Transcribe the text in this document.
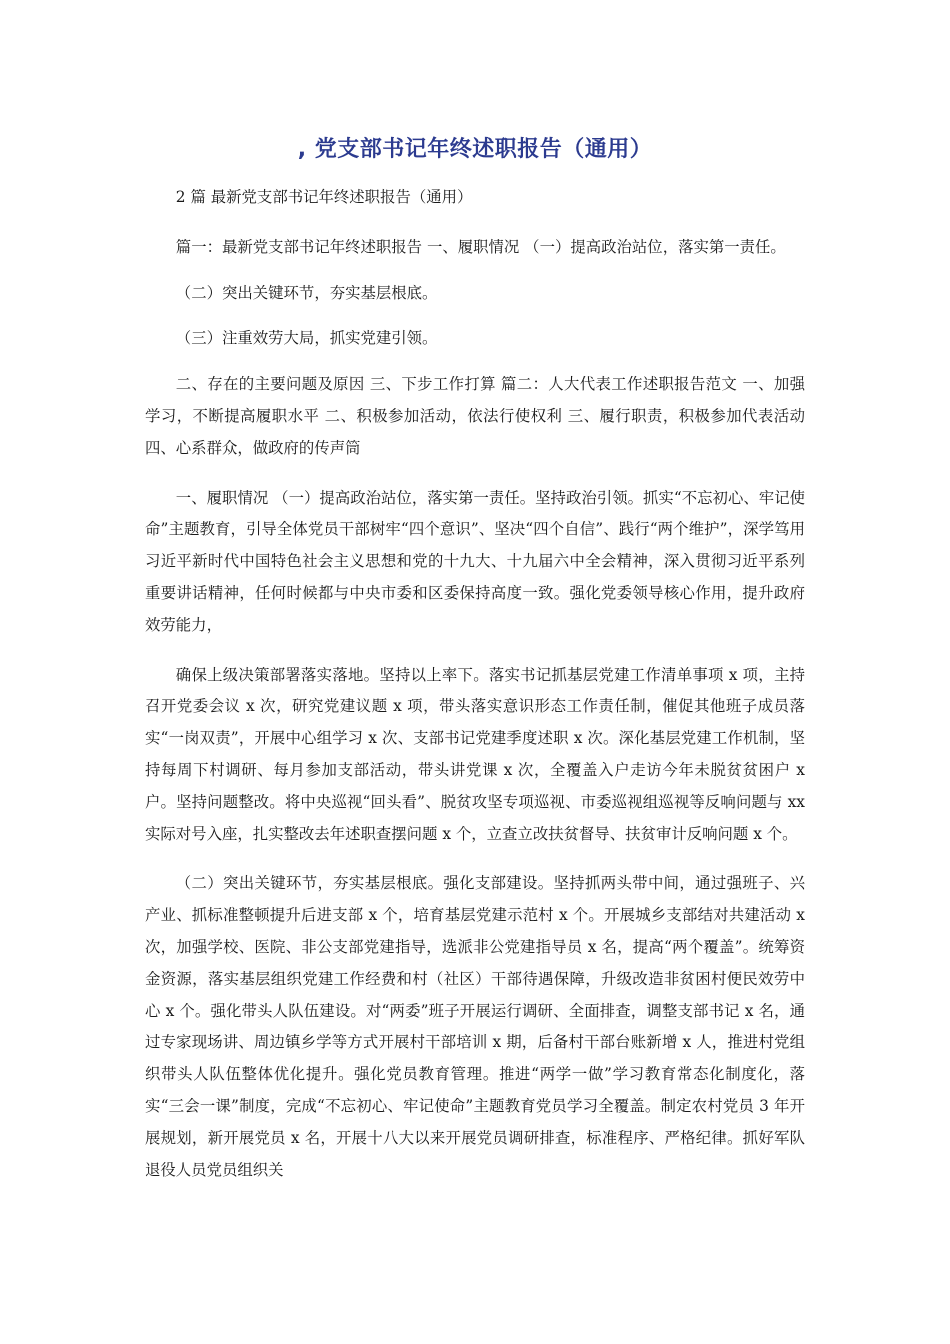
, 党支部书记年终述职报告（通用）

2 篇 最新党支部书记年终述职报告（通用）

篇一：最新党支部书记年终述职报告 一、履职情况 （一）提高政治站位，落实第一责任。

（二）突出关键环节，夯实基层根底。

（三）注重效劳大局，抓实党建引领。

二、存在的主要问题及原因 三、下步工作打算 篇二：人大代表工作述职报告范文 一、加强学习，不断提高履职水平 二、积极参加活动，依法行使权利 三、履行职责，积极参加代表活动 四、心系群众，做政府的传声筒

一、履职情况 （一）提高政治站位，落实第一责任。坚持政治引领。抓实“不忘初心、牢记使命”主题教育，引导全体党员干部树牢“四个意识”、坚决“四个自信”、践行“两个维护”，深学笃用习近平新时代中国特色社会主义思想和党的十九大、十九届六中全会精神，深入贯彻习近平系列重要讲话精神，任何时候都与中央市委和区委保持高度一致。强化党委领导核心作用，提升政府效劳能力，

确保上级决策部署落实落地。坚持以上率下。落实书记抓基层党建工作清单事项 x 项，主持召开党委会议 x 次，研究党建议题 x 项，带头落实意识形态工作责任制，催促其他班子成员落实“一岗双责”，开展中心组学习 x 次、支部书记党建季度述职 x 次。深化基层党建工作机制，坚持每周下村调研、每月参加支部活动，带头讲党课 x 次，全覆盖入户走访今年未脱贫贫困户 x 户。坚持问题整改。将中央巡视“回头看”、脱贫攻坚专项巡视、市委巡视组巡视等反响问题与 xx 实际对号入座，扎实整改去年述职查摆问题 x 个，立查立改扶贫督导、扶贫审计反响问题 x 个。

（二）突出关键环节，夯实基层根底。强化支部建设。坚持抓两头带中间，通过强班子、兴产业、抓标准整顿提升后进支部 x 个，培育基层党建示范村 x 个。开展城乡支部结对共建活动 x 次，加强学校、医院、非公支部党建指导，选派非公党建指导员 x 名，提高“两个覆盖”。统筹资金资源，落实基层组织党建工作经费和村（社区）干部待遇保障，升级改造非贫困村便民效劳中心 x 个。强化带头人队伍建设。对“两委”班子开展运行调研、全面排查，调整支部书记 x 名，通过专家现场讲、周边镇乡学等方式开展村干部培训 x 期，后备村干部台账新增 x 人，推进村党组织带头人队伍整体优化提升。强化党员教育管理。推进“两学一做”学习教育常态化制度化，落实“三会一课”制度，完成“不忘初心、牢记使命”主题教育党员学习全覆盖。制定农村党员 3 年开展规划，新开展党员 x 名，开展十八大以来开展党员调研排查，标准程序、严格纪律。抓好军队退役人员党员组织关
